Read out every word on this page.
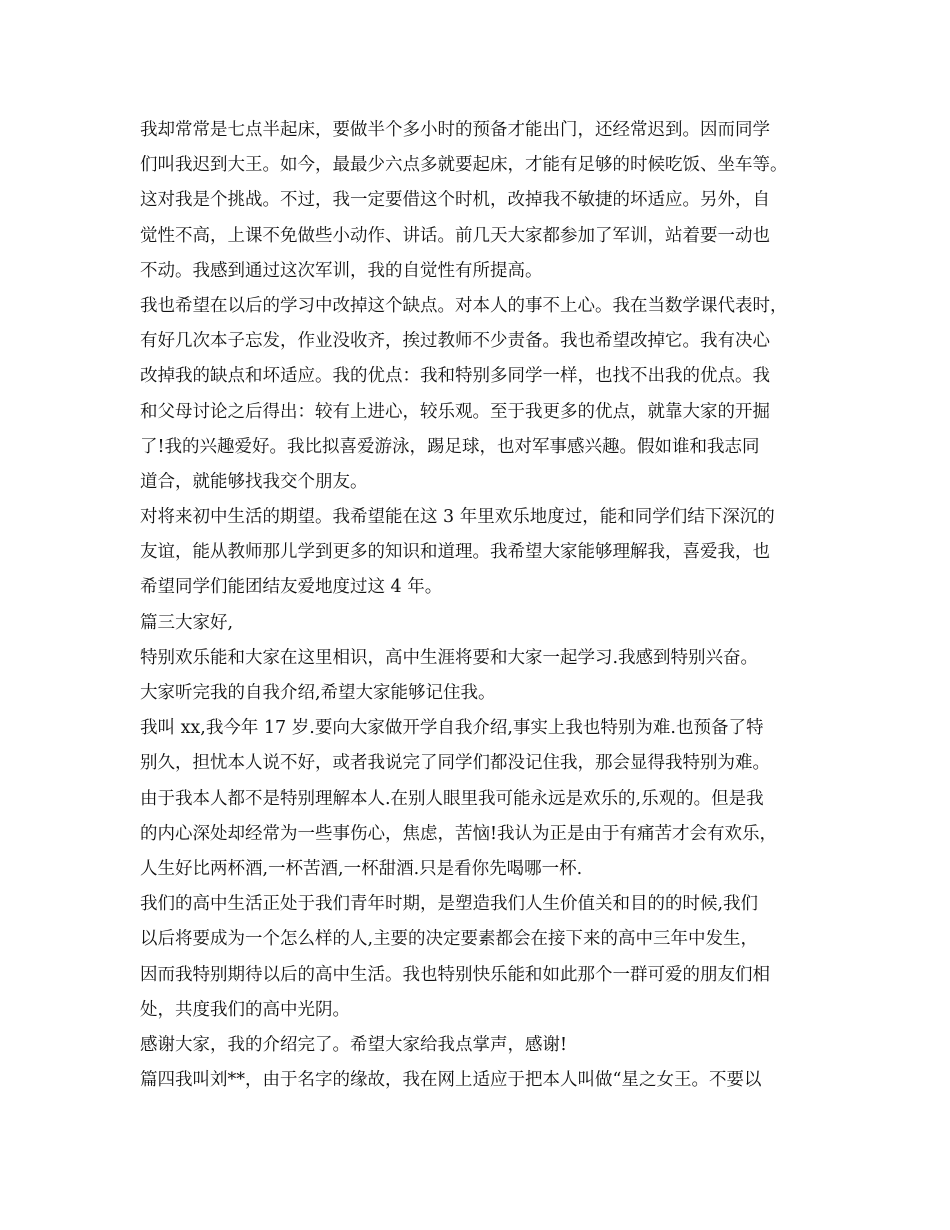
我却常常是七点半起床，要做半个多小时的预备才能出门，还经常迟到。因而同学
们叫我迟到大王。如今，最最少六点多就要起床，才能有足够的时候吃饭、坐车等。
这对我是个挑战。不过，我一定要借这个时机，改掉我不敏捷的坏适应。另外，自
觉性不高，上课不免做些小动作、讲话。前几天大家都参加了军训，站着要一动也
不动。我感到通过这次军训，我的自觉性有所提高。
我也希望在以后的学习中改掉这个缺点。对本人的事不上心。我在当数学课代表时，
有好几次本子忘发，作业没收齐，挨过教师不少责备。我也希望改掉它。我有决心
改掉我的缺点和坏适应。我的优点：我和特别多同学一样，也找不出我的优点。我
和父母讨论之后得出：较有上进心，较乐观。至于我更多的优点，就靠大家的开掘
了!我的兴趣爱好。我比拟喜爱游泳，踢足球，也对军事感兴趣。假如谁和我志同
道合，就能够找我交个朋友。
对将来初中生活的期望。我希望能在这 3 年里欢乐地度过，能和同学们结下深沉的
友谊，能从教师那儿学到更多的知识和道理。我希望大家能够理解我，喜爱我，也
希望同学们能团结友爱地度过这 4 年。
篇三大家好,
特别欢乐能和大家在这里相识，高中生涯将要和大家一起学习.我感到特别兴奋。
大家听完我的自我介绍,希望大家能够记住我。
我叫 xx,我今年 17 岁.要向大家做开学自我介绍,事实上我也特别为难.也预备了特
别久，担忧本人说不好，或者我说完了同学们都没记住我，那会显得我特别为难。
由于我本人都不是特别理解本人.在别人眼里我可能永远是欢乐的,乐观的。但是我
的内心深处却经常为一些事伤心，焦虑，苦恼!我认为正是由于有痛苦才会有欢乐，
人生好比两杯酒,一杯苦酒,一杯甜酒.只是看你先喝哪一杯.
我们的高中生活正处于我们青年时期，是塑造我们人生价值关和目的的时候,我们
以后将要成为一个怎么样的人,主要的决定要素都会在接下来的高中三年中发生，
因而我特别期待以后的高中生活。我也特别快乐能和如此那个一群可爱的朋友们相
处，共度我们的高中光阴。
感谢大家，我的介绍完了。希望大家给我点掌声，感谢!
篇四我叫刘**，由于名字的缘故，我在网上适应于把本人叫做“星之女王。不要以
